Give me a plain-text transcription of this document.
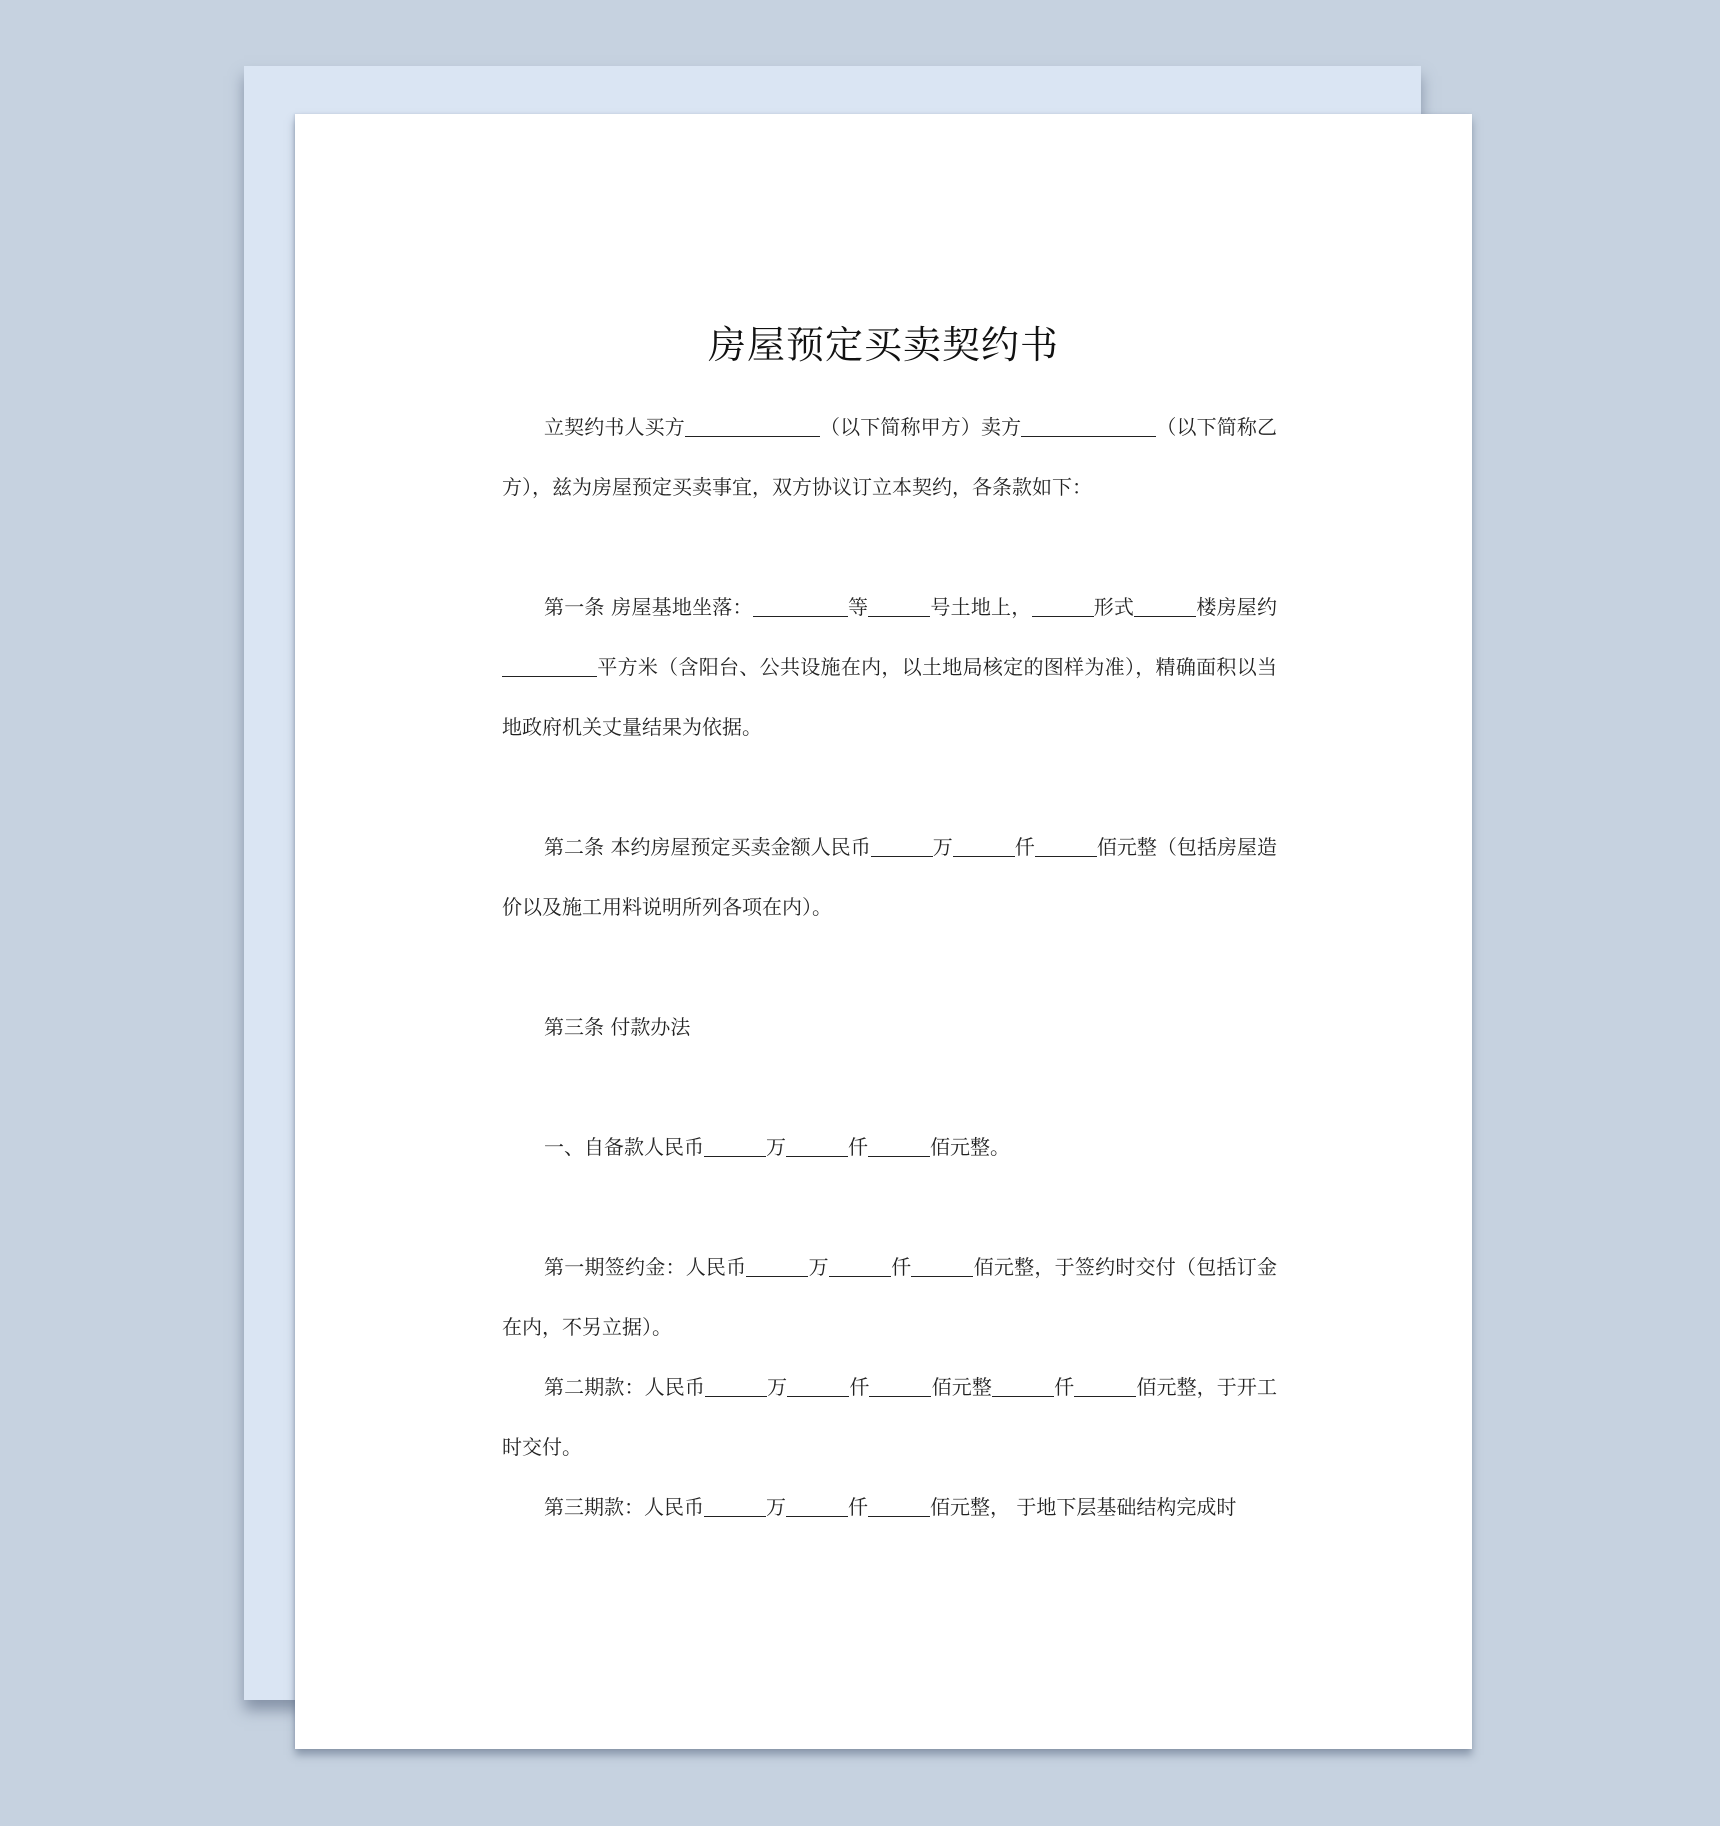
房屋预定买卖契约书

立契约书人买方	（以下简称甲方）卖方	（以下简称乙方），兹为房屋预定买卖事宜，双方协议订立本契约，各条款如下：

第一条 房屋基地坐落：	等	号土地上，	形式	楼房屋约平方米（含阳台、公共设施在内，以土地局核定的图样为准），精确面积以当地政府机关丈量结果为依据。

第二条 本约房屋预定买卖金额人民币	万	仟	佰元整（包括房屋造价以及施工用料说明所列各项在内）。

第三条 付款办法

一、自备款人民币	万	仟	佰元整。

第一期签约金：人民币	万	仟	佰元整，于签约时交付（包括订金在内，不另立据）。

第二期款：人民币	万	仟	佰元整	仟	佰元整，于开工时交付。

第三期款：人民币	万	仟	佰元整， 于地下层基础结构完成时
